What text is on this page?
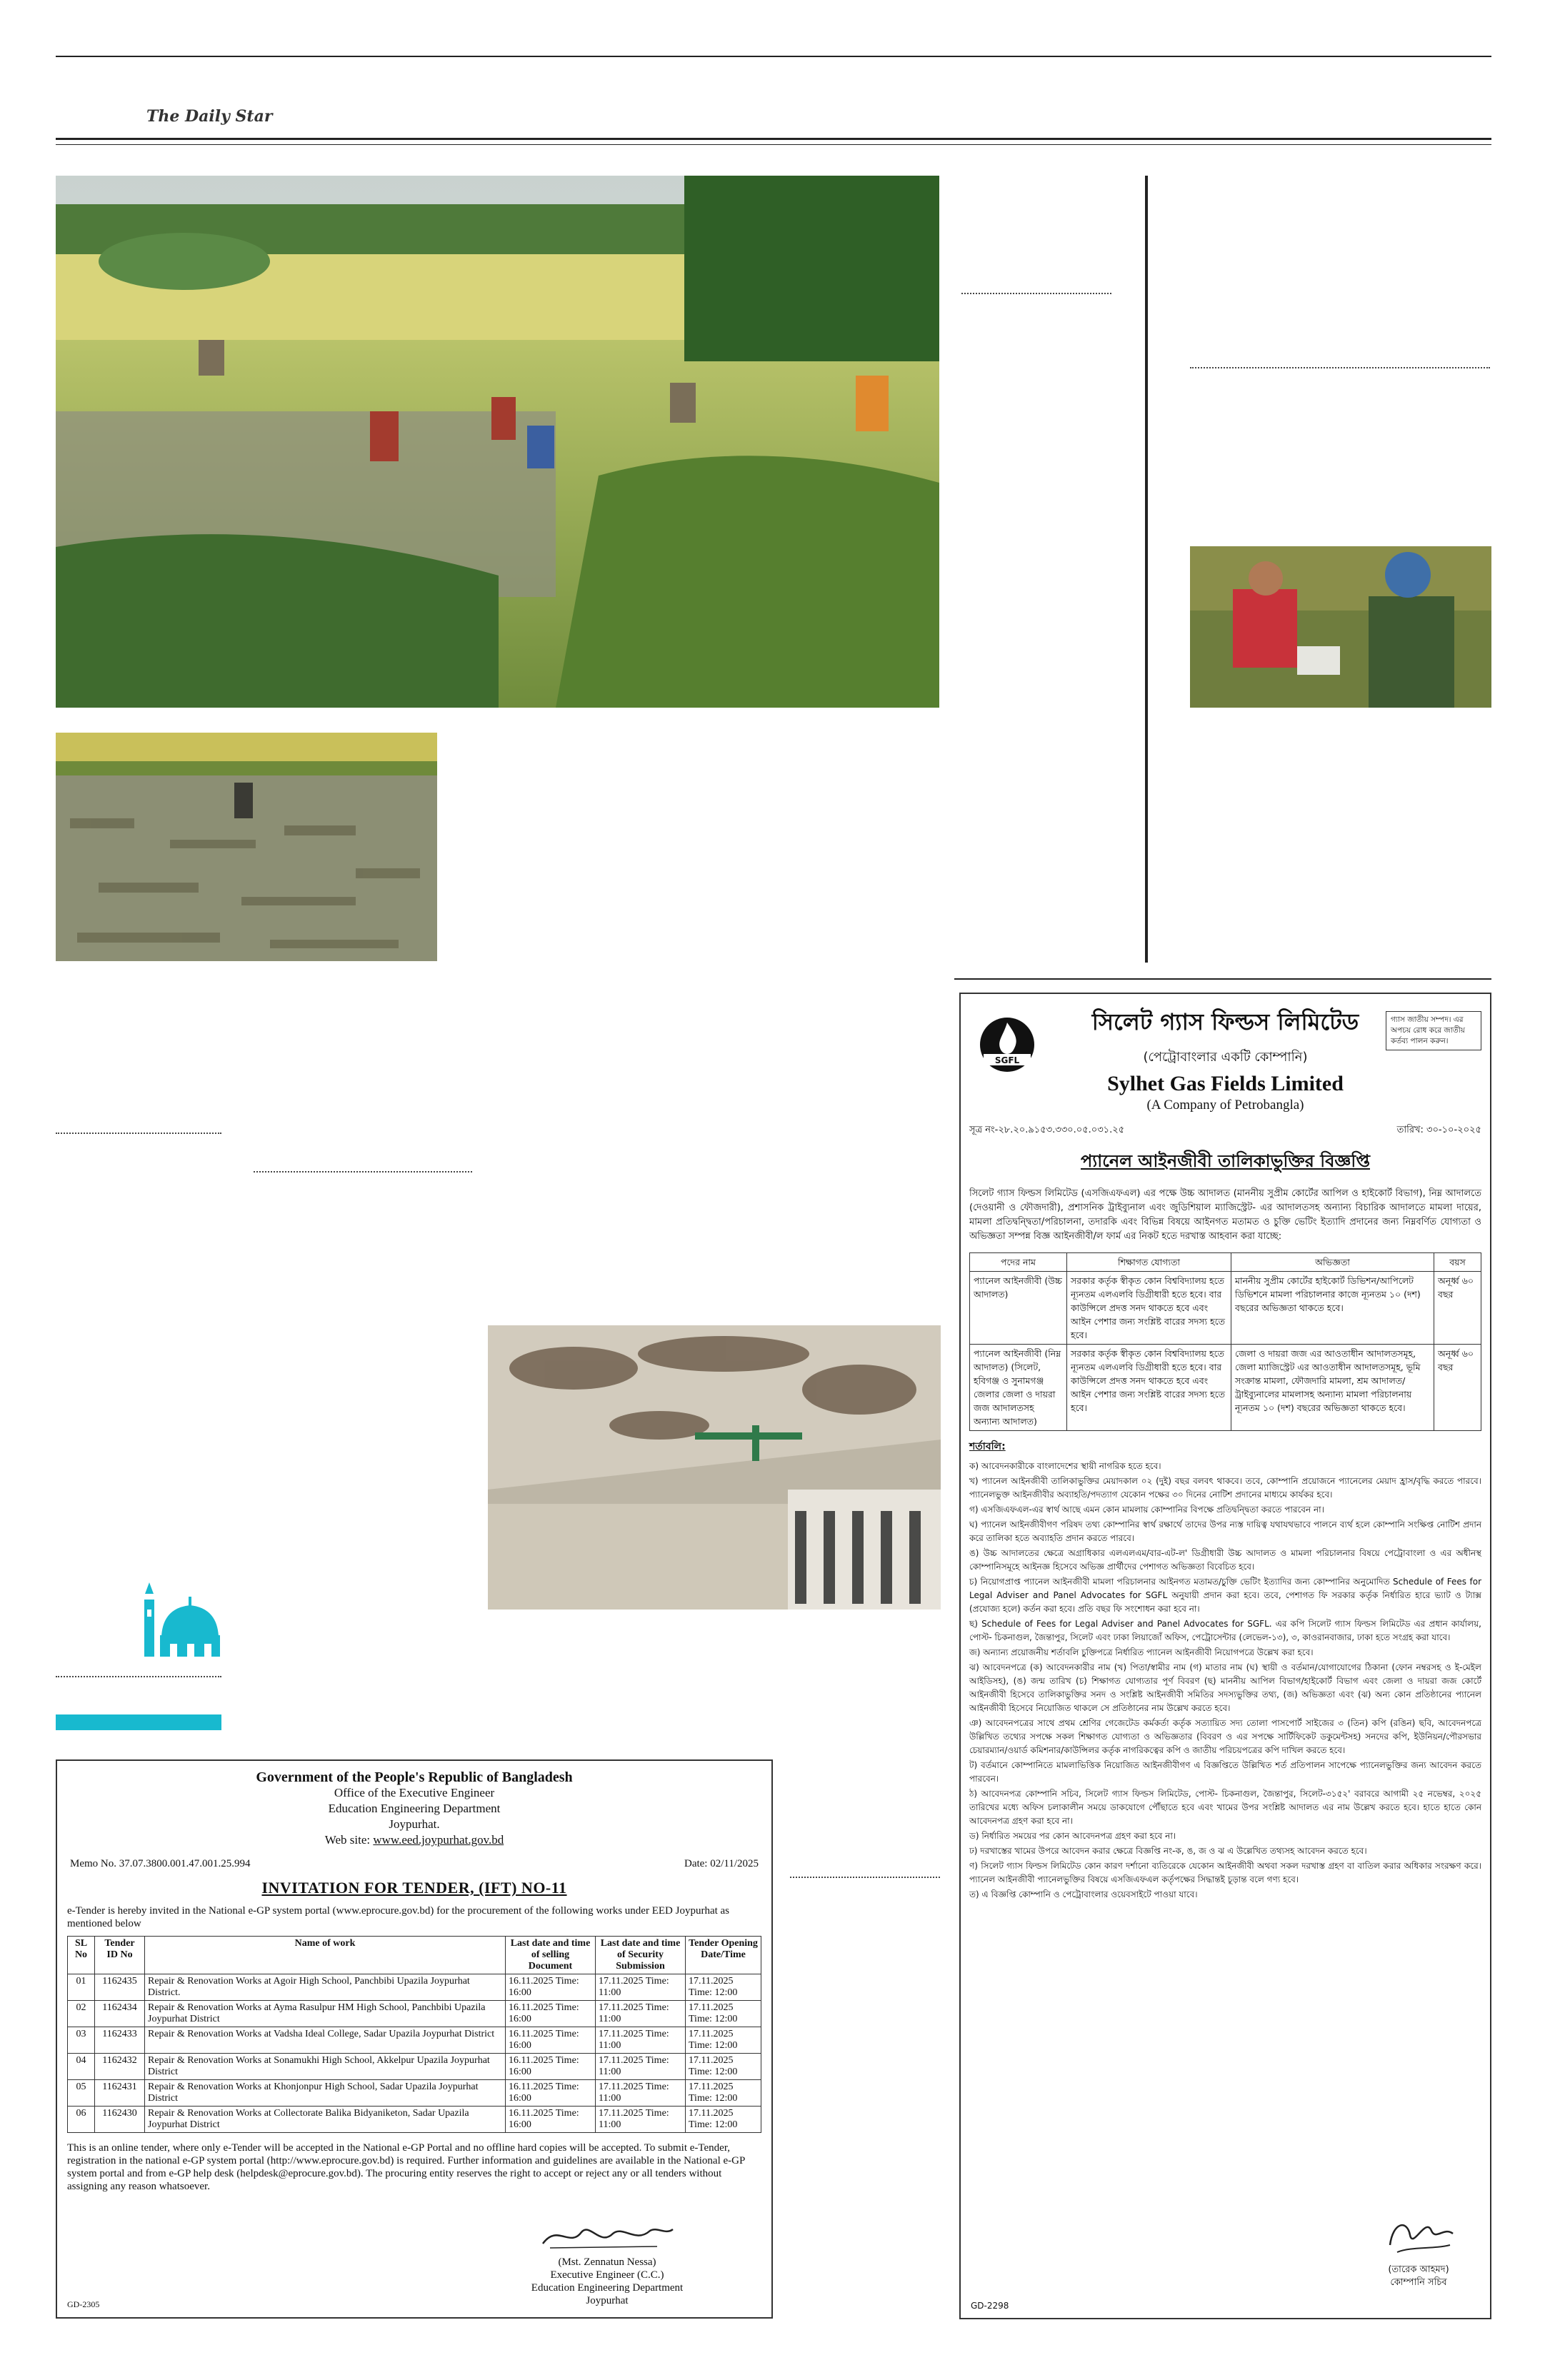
The Daily Star
Government of the People's Republic of Bangladesh
Office of the Executive Engineer
Education Engineering Department
Joypurhat.
Web site: www.eed.joypurhat.gov.bd
Memo No. 37.07.3800.001.47.001.25.994	Date: 02/11/2025
INVITATION FOR TENDER, (IFT) NO-11
e-Tender is hereby invited in the National e-GP system portal (www.eprocure.gov.bd) for the procurement of the following works under EED Joypurhat as mentioned below
SL No	Tender ID No	Name of work	Last date and time of selling Document	Last date and time of Security Submission	Tender Opening Date/Time
01	1162435	Repair & Renovation Works at Agoir High School, Panchbibi Upazila Joypurhat District.	16.11.2025 Time: 16:00	17.11.2025 Time: 11:00	17.11.2025 Time: 12:00
02	1162434	Repair & Renovation Works at Ayma Rasulpur HM High School, Panchbibi Upazila Joypurhat District	16.11.2025 Time: 16:00	17.11.2025 Time: 11:00	17.11.2025 Time: 12:00
03	1162433	Repair & Renovation Works at Vadsha Ideal College, Sadar Upazila Joypurhat District	16.11.2025 Time: 16:00	17.11.2025 Time: 11:00	17.11.2025 Time: 12:00
04	1162432	Repair & Renovation Works at Sonamukhi High School, Akkelpur Upazila Joypurhat District	16.11.2025 Time: 16:00	17.11.2025 Time: 11:00	17.11.2025 Time: 12:00
05	1162431	Repair & Renovation Works at Khonjonpur High School, Sadar Upazila Joypurhat District	16.11.2025 Time: 16:00	17.11.2025 Time: 11:00	17.11.2025 Time: 12:00
06	1162430	Repair & Renovation Works at Collectorate Balika Bidyaniketon, Sadar Upazila Joypurhat District	16.11.2025 Time: 16:00	17.11.2025 Time: 11:00	17.11.2025 Time: 12:00
This is an online tender, where only e-Tender will be accepted in the National e-GP Portal and no offline hard copies will be accepted. To submit e-Tender, registration in the national e-GP system portal (http://www.eprocure.gov.bd) is required. Further information and guidelines are available in the National e-GP system portal and from e-GP help desk (helpdesk@eprocure.gov.bd). The procuring entity reserves the right to accept or reject any or all tenders without assigning any reason whatsoever.
(Mst. Zennatun Nessa)
Executive Engineer (C.C.)
Education Engineering Department
Joypurhat
GD-2305
SGFL
গ্যাস জাতীয় সম্পদ। এর অপচয় রোধ করে জাতীয় কর্তব্য পালন করুন।
সিলেট গ্যাস ফিল্ডস লিমিটেড
(পেট্রোবাংলার একটি কোম্পানি)
Sylhet Gas Fields Limited
(A Company of Petrobangla)
সূত্র নং-২৮.২০.৯১৫৩.৩৩০.০৫.০৩১.২৫	তারিখ: ৩০-১০-২০২৫
প্যানেল আইনজীবী তালিকাভুক্তির বিজ্ঞপ্তি
সিলেট গ্যাস ফিল্ডস লিমিটেড (এসজিএফএল) এর পক্ষে উচ্চ আদালত (মাননীয় সুপ্রীম কোর্টের আপিল ও হাইকোর্ট বিভাগ), নিম্ন আদালতে (দেওয়ানী ও ফৌজদারী), প্রশাসনিক ট্রাইব্যুনাল এবং জুডিশিয়াল ম্যাজিস্ট্রেট- এর আদালতসহ অন্যান্য বিচারিক আদালতে মামলা দায়ের, মামলা প্রতিদ্বন্দ্বিতা/পরিচালনা, তদারকি এবং বিভিন্ন বিষয়ে আইনগত মতামত ও চুক্তি ভেটিং ইত্যাদি প্রদানের জন্য নিম্নবর্ণিত যোগ্যতা ও অভিজ্ঞতা সম্পন্ন বিজ্ঞ আইনজীবী/ল ফার্ম এর নিকট হতে দরখাস্ত আহবান করা যাচ্ছে:
পদের নাম	শিক্ষাগত যোগ্যতা	অভিজ্ঞতা	বয়স
প্যানেল আইনজীবী (উচ্চ আদালত)	সরকার কর্তৃক স্বীকৃত কোন বিশ্ববিদ্যালয় হতে ন্যূনতম এলএলবি ডিগ্রীধারী হতে হবে। বার কাউন্সিলে প্রদত্ত সনদ থাকতে হবে এবং আইন পেশার জন্য সংশ্লিষ্ট বারের সদস্য হতে হবে।	মাননীয় সুপ্রীম কোর্টের হাইকোর্ট ডিভিশন/আপিলেট ডিভিশনে মামলা পরিচালনার কাজে ন্যূনতম ১০ (দশ) বছরের অভিজ্ঞতা থাকতে হবে।	অনূর্ধ্ব ৬০ বছর
প্যানেল আইনজীবী (নিম্ন আদালত) (সিলেট, হবিগঞ্জ ও সুনামগঞ্জ জেলার জেলা ও দায়রা জজ আদালতসহ অন্যান্য আদালত)	সরকার কর্তৃক স্বীকৃত কোন বিশ্ববিদ্যালয় হতে ন্যূনতম এলএলবি ডিগ্রীধারী হতে হবে। বার কাউন্সিলে প্রদত্ত সনদ থাকতে হবে এবং আইন পেশার জন্য সংশ্লিষ্ট বারের সদস্য হতে হবে।	জেলা ও দায়রা জজ এর আওতাধীন আদালতসমূহ, জেলা ম্যাজিস্ট্রেট এর আওতাধীন আদালতসমূহ, ভূমি সংক্রান্ত মামলা, ফৌজদারি মামলা, শ্রম আদালত/ট্রাইব্যুনালের মামলাসহ অন্যান্য মামলা পরিচালনায় ন্যূনতম ১০ (দশ) বছরের অভিজ্ঞতা থাকতে হবে।	অনূর্ধ্ব ৬০ বছর
শর্তাবলি:
ক) আবেদনকারীকে বাংলাদেশের স্থায়ী নাগরিক হতে হবে।
খ) প্যানেল আইনজীবী তালিকাভুক্তির মেয়াদকাল ০২ (দুই) বছর বলবৎ থাকবে। তবে, কোম্পানি প্রয়োজনে প্যানেলের মেয়াদ হ্রাস/বৃদ্ধি করতে পারবে। প্যানেলভুক্ত আইনজীবীর অব্যাহতি/পদত্যাগ যেকোন পক্ষের ৩০ দিনের নোটিশ প্রদানের মাধ্যমে কার্যকর হবে।
গ) এসজিএফএল-এর স্বার্থ আছে এমন কোন মামলায় কোম্পানির বিপক্ষে প্রতিদ্বন্দ্বিতা করতে পারবেন না।
ঘ) প্যানেল আইনজীবীগণ পরিষদ তথ্য কোম্পানির স্বার্থ রক্ষার্থে তাদের উপর ন্যস্ত দায়িত্ব যথাযথভাবে পালনে ব্যর্থ হলে কোম্পানি সংক্ষিপ্ত নোটিশ প্রদান করে তালিকা হতে অব্যাহতি প্রদান করতে পারবে।
ঙ) উচ্চ আদালতের ক্ষেত্রে অগ্রাধিকার এলএলএম/বার-এট-ল' ডিগ্রীধারী উচ্চ আদালত ও মামলা পরিচালনার বিষয়ে পেট্রোবাংলা ও এর অধীনস্থ কোম্পানিসমূহে আইনজ্ঞ হিসেবে অভিজ্ঞ প্রার্থীদের পেশাগত অভিজ্ঞতা বিবেচিত হবে।
চ) নিয়োগপ্রাপ্ত প্যানেল আইনজীবী মামলা পরিচালনার আইনগত মতামত/চুক্তি ভেটিং ইত্যাদির জন্য কোম্পানির অনুমোদিত Schedule of Fees for Legal Adviser and Panel Advocates for SGFL অনুযায়ী প্রদান করা হবে। তবে, পেশাগত ফি সরকার কর্তৃক নির্ধারিত হারে ভ্যাট ও ট্যাক্স (প্রযোজ্য হলে) কর্তন করা হবে। প্রতি বছর ফি সংশোধন করা হবে না।
ছ) Schedule of Fees for Legal Adviser and Panel Advocates for SGFL. এর কপি সিলেট গ্যাস ফিল্ডস লিমিটেড এর প্রধান কার্যালয়, পোস্ট- চিকনাগুল, জৈন্তাপুর, সিলেট এবং ঢাকা লিয়াজোঁ অফিস, পেট্রোসেন্টার (লেভেল-১৩), ৩, কাওরানবাজার, ঢাকা হতে সংগ্রহ করা যাবে।
জ) অন্যান্য প্রয়োজনীয় শর্তাবলি চুক্তিপত্রে নির্ধারিত প্যানেল আইনজীবী নিয়োগপত্রে উল্লেখ করা হবে।
ঝ) আবেদনপত্রে (ক) আবেদনকারীর নাম (খ) পিতা/স্বামীর নাম (গ) মাতার নাম (ঘ) স্থায়ী ও বর্তমান/যোগাযোগের ঠিকানা (ফোন নম্বরসহ ও ই-মেইল আইডিসহ), (ঙ) জন্ম তারিখ (চ) শিক্ষাগত যোগ্যতার পূর্ণ বিবরণ (ছ) মাননীয় আপিল বিভাগ/হাইকোর্ট বিভাগ এবং জেলা ও দায়রা জজ কোর্টে আইনজীবী হিসেবে তালিকাভুক্তির সনদ ও সংশ্লিষ্ট আইনজীবী সমিতির সদস্যভুক্তির তথ্য, (জ) অভিজ্ঞতা এবং (ঝ) অন্য কোন প্রতিষ্ঠানের প্যানেল আইনজীবী হিসেবে নিয়োজিত থাকলে সে প্রতিষ্ঠানের নাম উল্লেখ করতে হবে।
ঞ) আবেদনপত্রের সাথে প্রথম শ্রেণির গেজেটেড কর্মকর্তা কর্তৃক সত্যায়িত সদ্য তোলা পাসপোর্ট সাইজের ৩ (তিন) কপি (রঙিন) ছবি, আবেদনপত্রে উল্লিখিত তথ্যের সপক্ষে সকল শিক্ষাগত যোগ্যতা ও অভিজ্ঞতার (বিবরণ ও এর সপক্ষে সার্টিফিকেট ডকুমেন্টসহ) সনদের কপি, ইউনিয়ন/পৌরসভার চেয়ারম্যান/ওয়ার্ড কমিশনার/কাউন্সিলর কর্তৃক নাগরিকত্বের কপি ও জাতীয় পরিচয়পত্রের কপি দাখিল করতে হবে।
ট) বর্তমানে কোম্পানিতে মামলাভিত্তিক নিয়োজিত আইনজীবীগণ এ বিজ্ঞপ্তিতে উল্লিখিত শর্ত প্রতিপালন সাপেক্ষে প্যানেলভুক্তির জন্য আবেদন করতে পারবেন।
ঠ) আবেদনপত্র কোম্পানি সচিব, সিলেট গ্যাস ফিল্ডস লিমিটেড, পোস্ট- চিকনাগুল, জৈন্তাপুর, সিলেট-৩১৫২' বরাবরে আগামী ২৫ নভেম্বর, ২০২৫ তারিখের মধ্যে অফিস চলাকালীন সময়ে ডাকযোগে পৌঁছাতে হবে এবং খামের উপর সংশ্লিষ্ট আদালত এর নাম উল্লেখ করতে হবে। হাতে হাতে কোন আবেদনপত্র গ্রহণ করা হবে না।
ড) নির্ধারিত সময়ের পর কোন আবেদনপত্র গ্রহণ করা হবে না।
ঢ) দরখাস্তের খামের উপরে আবেদন করার ক্ষেত্রে বিজ্ঞপ্তি নং-ক, ঙ, জ ও ঝ এ উল্লেখিত তথ্যসহ আবেদন করতে হবে।
ণ) সিলেট গ্যাস ফিল্ডস লিমিটেড কোন কারণ দর্শানো ব্যতিরেকে যেকোন আইনজীবী অথবা সকল দরখাস্ত গ্রহণ বা বাতিল করার অধিকার সংরক্ষণ করে। প্যানেল আইনজীবী প্যানেলভুক্তির বিষয়ে এসজিএফএল কর্তৃপক্ষের সিদ্ধান্তই চূড়ান্ত বলে গণ্য হবে।
ত) এ বিজ্ঞপ্তি কোম্পানি ও পেট্রোবাংলার ওয়েবসাইটে পাওয়া যাবে।
(তারেক আহমদ)
কোম্পানি সচিব
GD-2298
